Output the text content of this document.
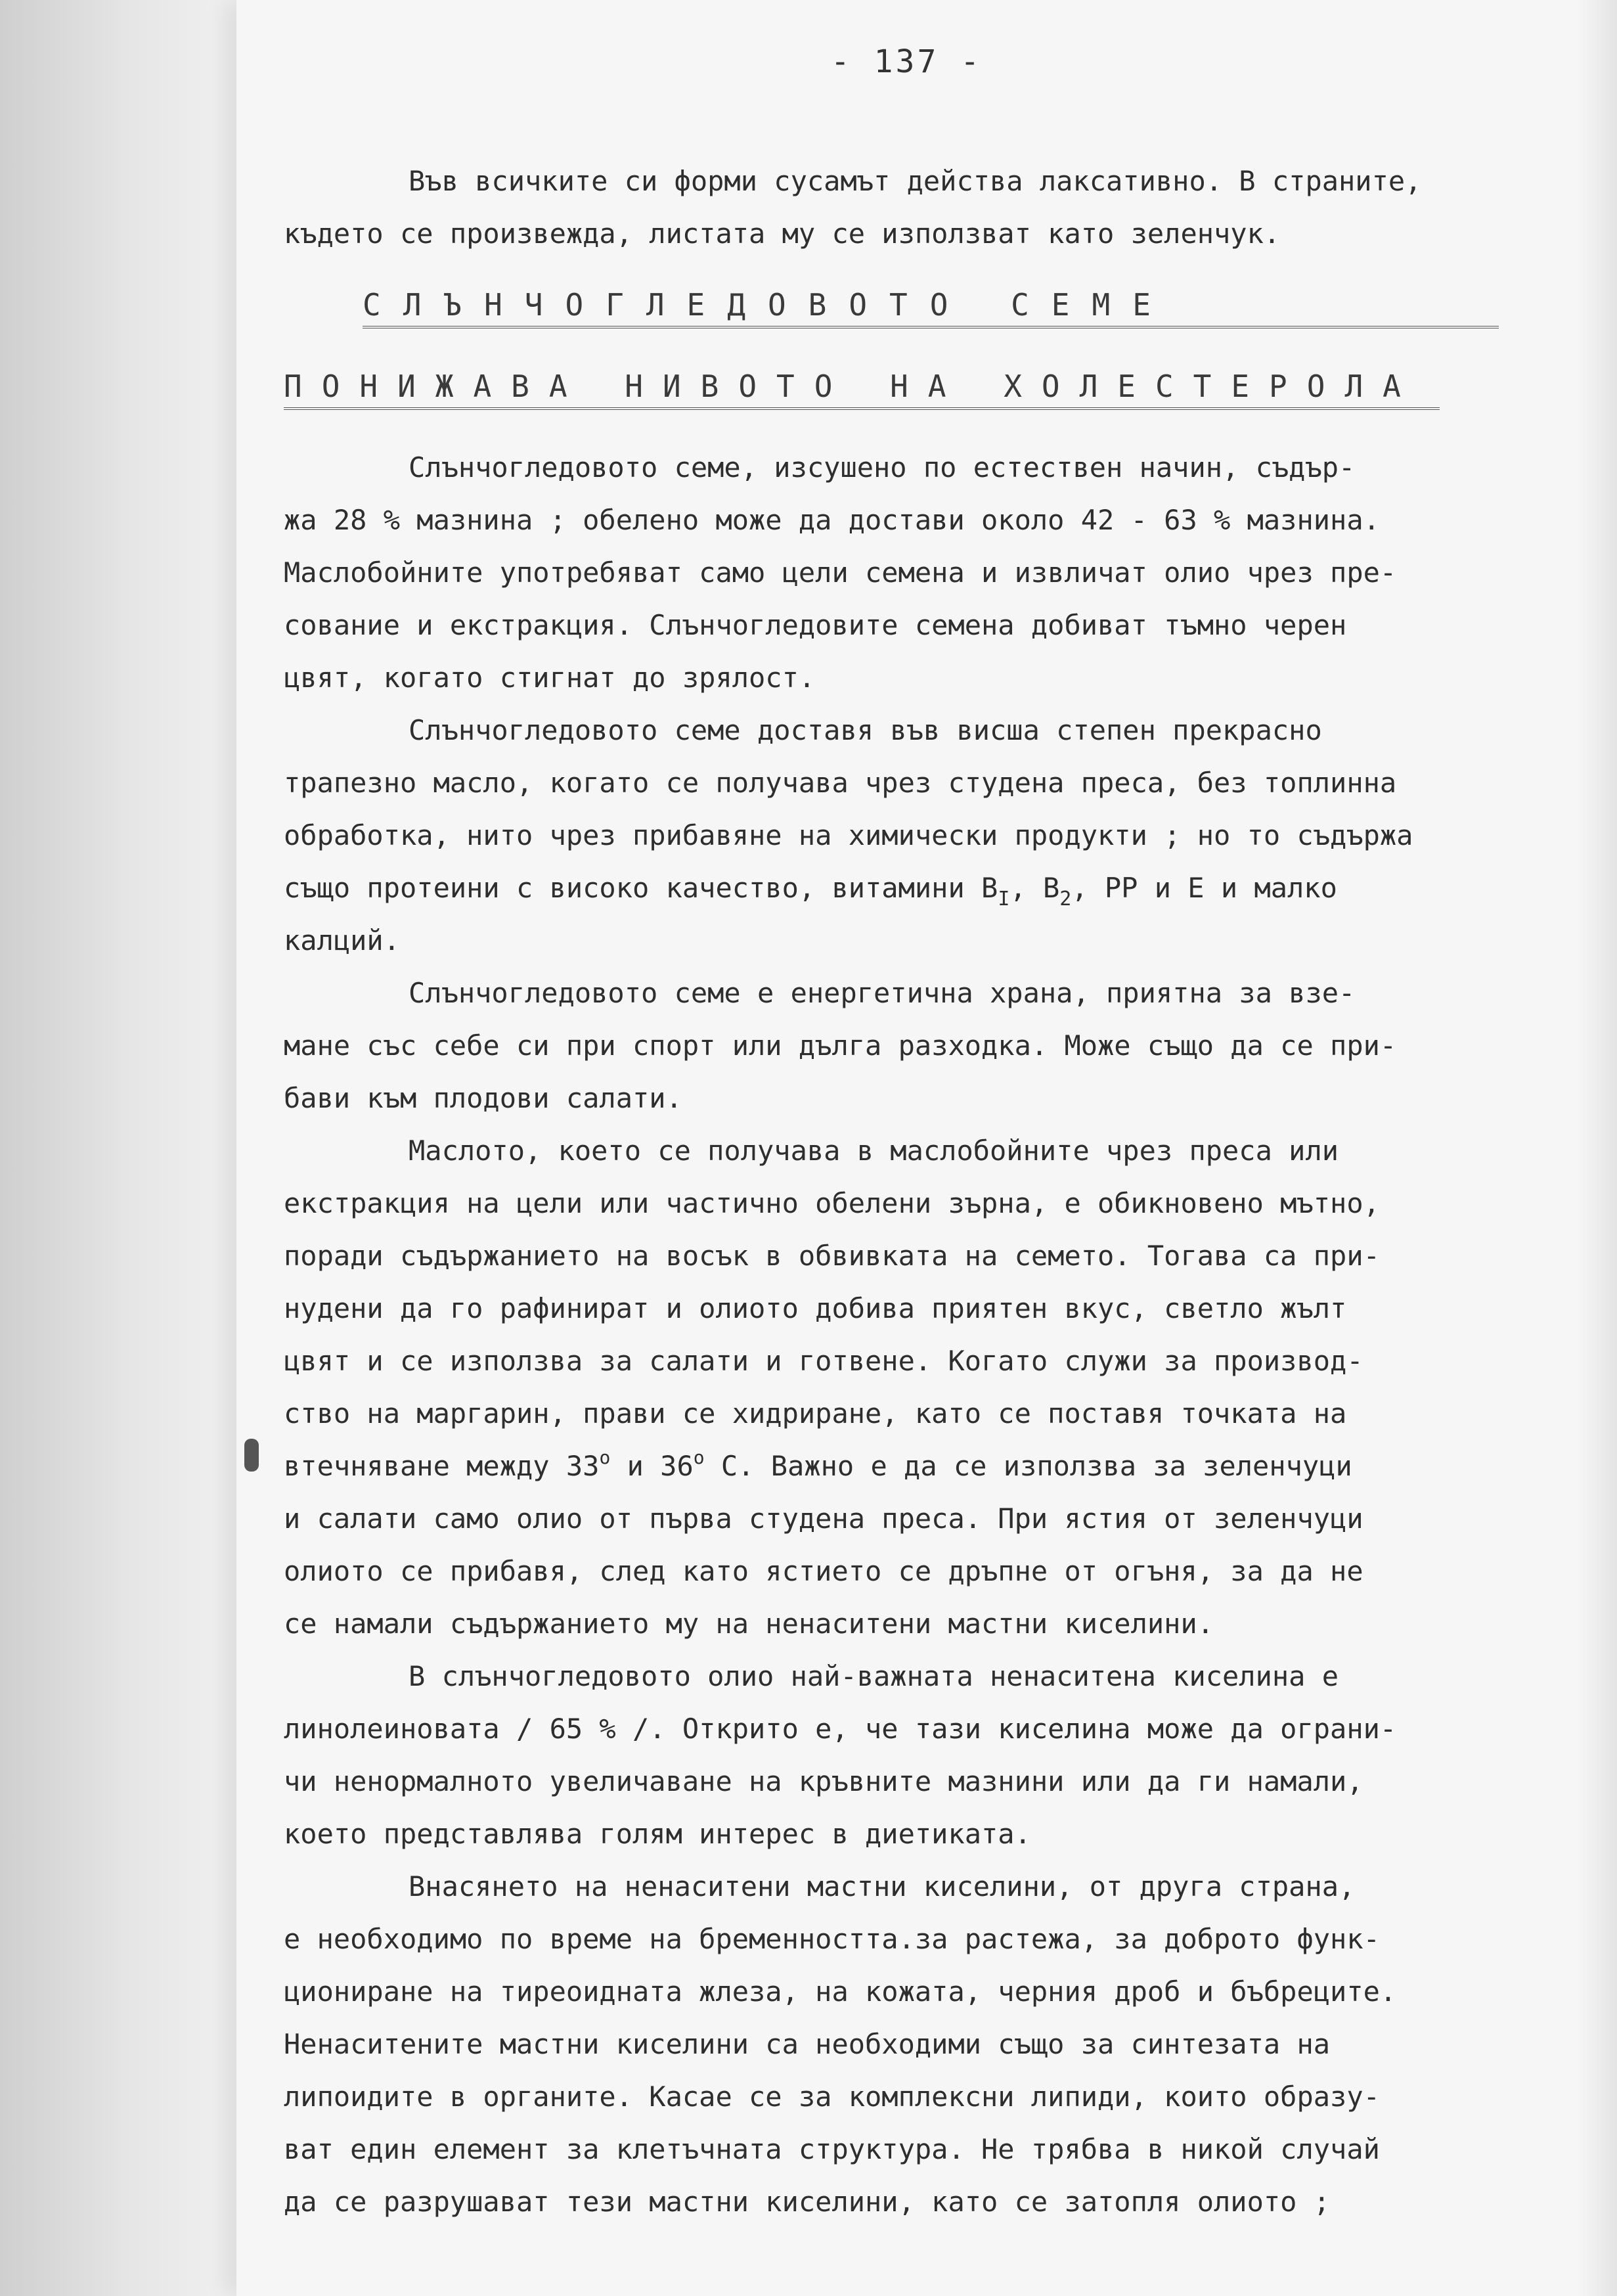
- 137 -
Във всичките си форми сусамът действа лаксативно. В страните,
където се произвежда, листата му се използват като зеленчук.
СЛЪНЧОГЛЕДОВОТО СЕМЕ
ПОНИЖАВА НИВОТО НА ХОЛЕСТЕРОЛА
Слънчогледовото семе, изсушено по естествен начин, съдър-
жа 28 % мазнина ; обелено може да достави около 42 - 63 % мазнина.
Маслобойните употребяват само цели семена и извличат олио чрез пре-
сование и екстракция. Слънчогледовите семена добиват тъмно черен
цвят, когато стигнат до зрялост.
Слънчогледовото семе доставя във висша степен прекрасно
трапезно масло, когато се получава чрез студена преса, без топлинна
обработка, нито чрез прибавяне на химически продукти ; но то съдържа
също протеини с високо качество, витамини $B_I$, $B_2$, PP и E и малко
калций.
Слънчогледовото семе е енергетична храна, приятна за взе-
мане със себе си при спорт или дълга разходка. Може също да се при-
бави към плодови салати.
Маслото, което се получава в маслобойните чрез преса или
екстракция на цели или частично обелени зърна, е обикновено мътно,
поради съдържанието на восък в обвивката на семето. Тогава са при-
нудени да го рафинират и олиото добива приятен вкус, светло жълт
цвят и се използва за салати и готвене. Когато служи за производ-
ство на маргарин, прави се хидриране, като се поставя точката на
втечняване между $33^о$ и $36^о$ С. Важно е да се използва за зеленчуци
и салати само олио от първа студена преса. При ястия от зеленчуци
олиото се прибавя, след като ястието се дръпне от огъня, за да не
се намали съдържанието му на ненаситени мастни киселини.
В слънчогледовото олио най-важната ненаситена киселина е
линолеиновата / 65 % /. Открито е, че тази киселина може да ограни-
чи ненормалното увеличаване на кръвните мазнини или да ги намали,
което представлява голям интерес в диетиката.
Внасянето на ненаситени мастни киселини, от друга страна,
е необходимо по време на бременността.за растежа, за доброто функ-
циониране на тиреоидната жлеза, на кожата, черния дроб и бъбреците.
Ненаситените мастни киселини са необходими също за синтезата на
липоидите в органите. Касае се за комплексни липиди, които образу-
ват един елемент за клетъчната структура. Не трябва в никой случай
да се разрушават тези мастни киселини, като се затопля олиото ;
